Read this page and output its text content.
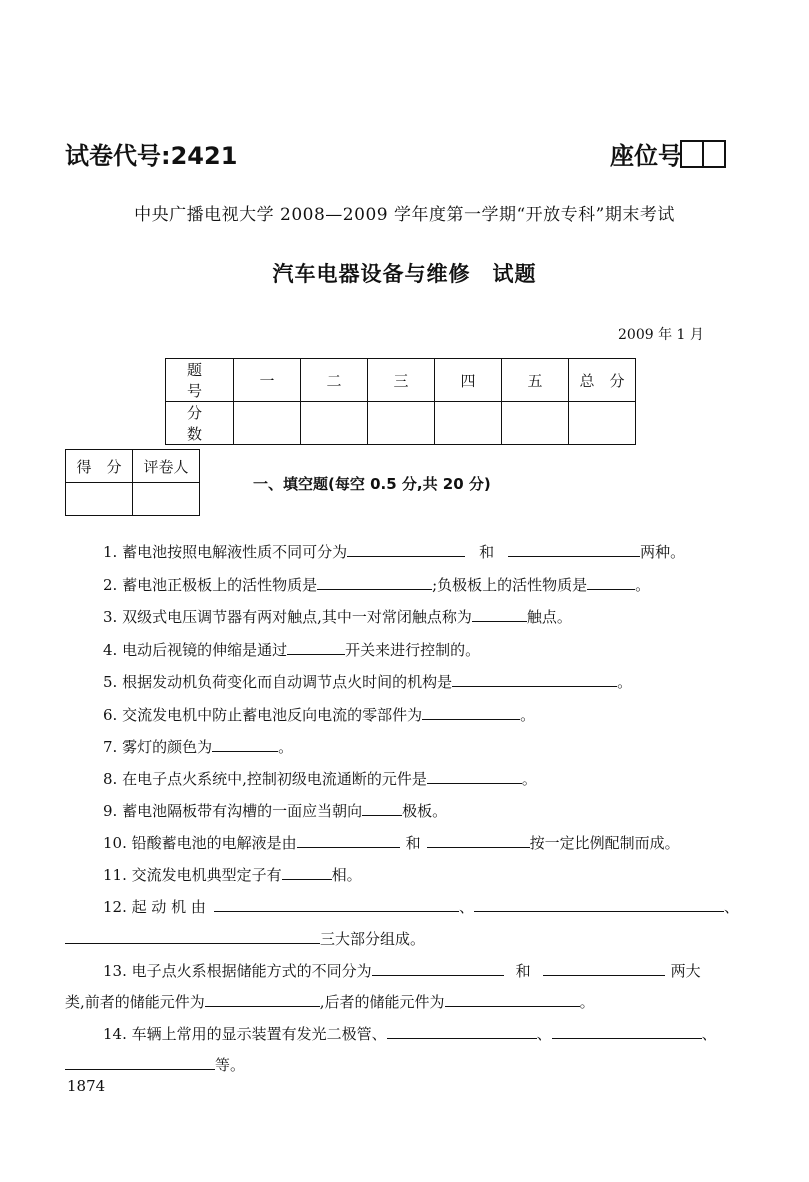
试卷代号:2421	座位号
中央广播电视大学 2008—2009 学年度第一学期“开放专科”期末考试
汽车电器设备与维修　试题
2009 年 1 月
题　号	一	二	三	四	五	总　分
分　数						
得　分	评卷人

一、填空题(每空 0.5 分,共 20 分)
1. 蓄电池按照电解液性质不同可分为	和	两种。
2. 蓄电池正极板上的活性物质是	;负极板上的活性物质是	。
3. 双级式电压调节器有两对触点,其中一对常闭触点称为	触点。
4. 电动后视镜的伸缩是通过	开关来进行控制的。
5. 根据发动机负荷变化而自动调节点火时间的机构是	。
6. 交流发电机中防止蓄电池反向电流的零部件为	。
7. 雾灯的颜色为	。
8. 在电子点火系统中,控制初级电流通断的元件是	。
9. 蓄电池隔板带有沟槽的一面应当朝向	极板。
10. 铅酸蓄电池的电解液是由	和	按一定比例配制而成。
11. 交流发电机典型定子有	相。
12. 起 动 机 由	、	、
三大部分组成。
13. 电子点火系根据储能方式的不同分为	和	两大
类,前者的储能元件为	,后者的储能元件为	。
14. 车辆上常用的显示装置有发光二极管、	、	、
等。
1874
